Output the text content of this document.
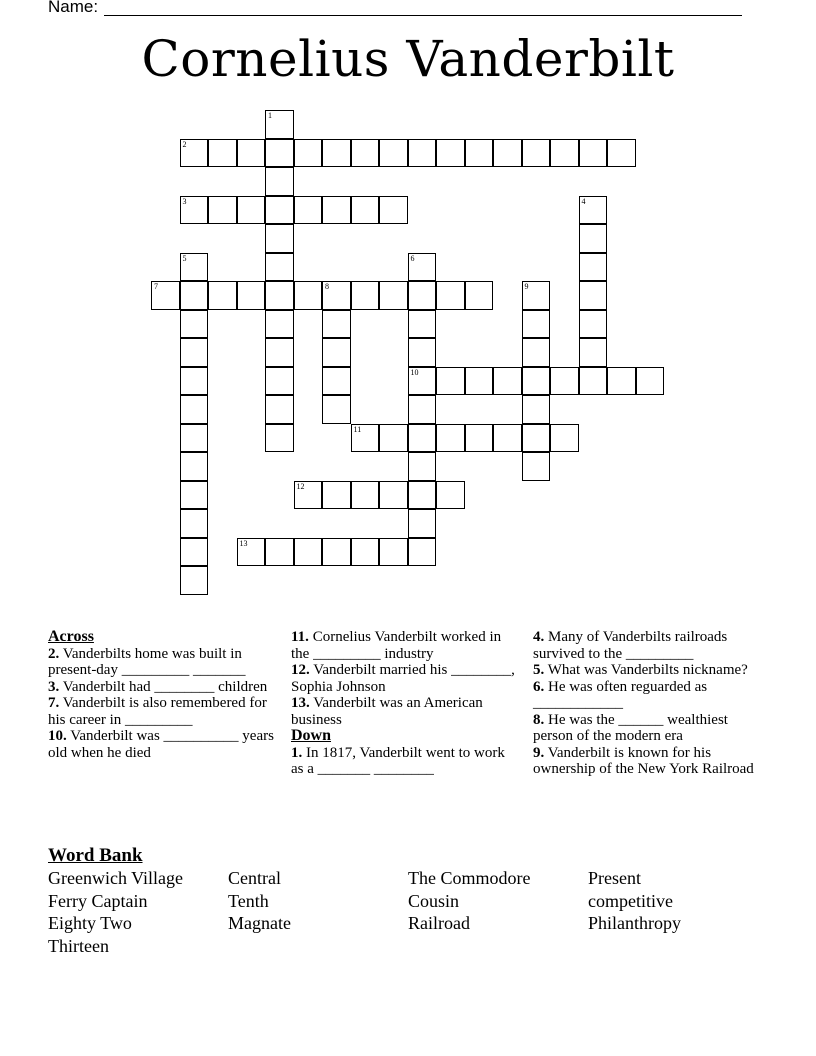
Name:
Cornelius Vanderbilt
1
2
3	4
5	6
10
7	8	9
11
12
13
Across

2. Vanderbilts home was built in present-day _________ _______

3. Vanderbilt had ________ children

7. Vanderbilt is also remembered for his career in _________

10. Vanderbilt was __________ years old when he died

11. Cornelius Vanderbilt worked in the _________ industry

12. Vanderbilt married his ________, Sophia Johnson

13. Vanderbilt was an American business

Down

1. In 1817, Vanderbilt went to work as a _______ ________

4. Many of Vanderbilts railroads survived to the _________

5. What was Vanderbilts nickname?

6. He was often reguarded as ____________

8. He was the ______ wealthiest person of the modern era

9. Vanderbilt is known for his ownership of the New York Railroad

Word Bank
Greenwich Village	Central	The Commodore	Present
Ferry Captain	Tenth	Cousin	competitive
Eighty Two	Magnate	Railroad	Philanthropy
Thirteen
